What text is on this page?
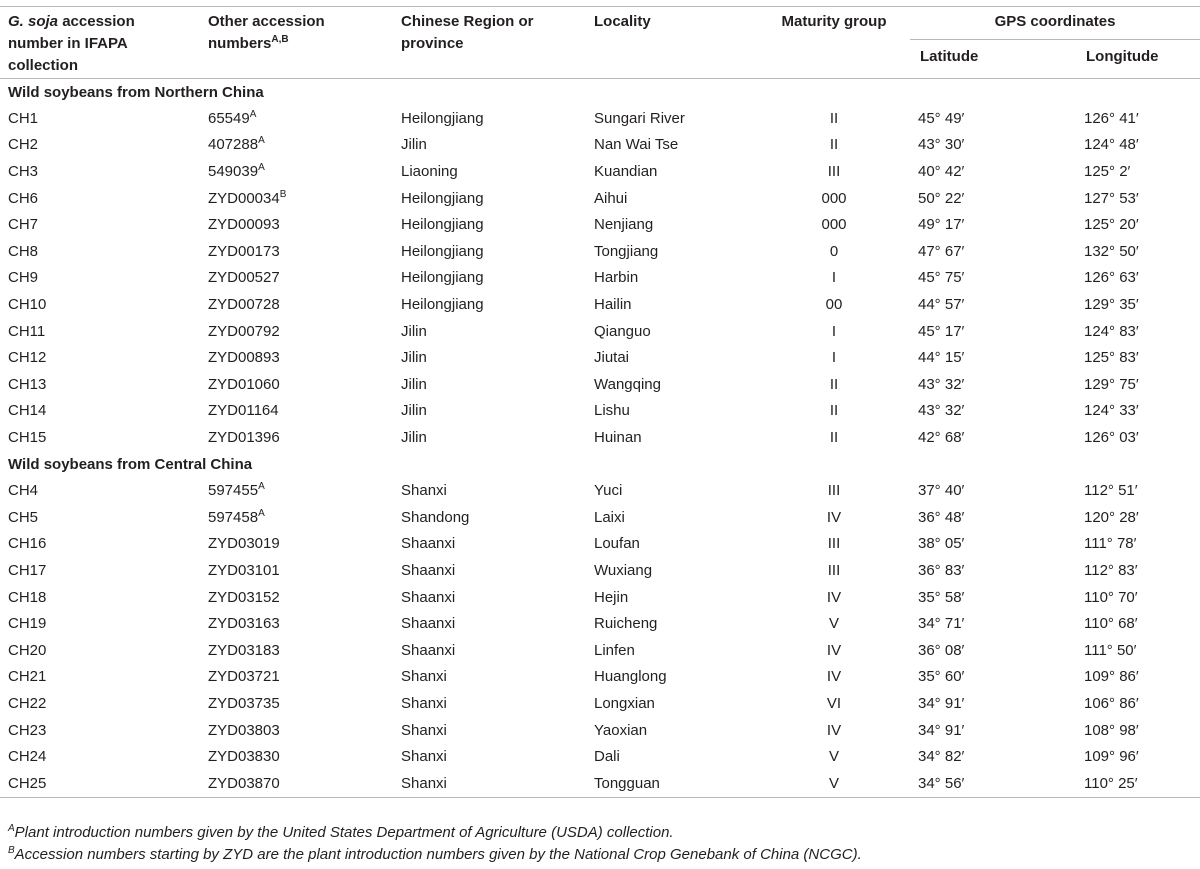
G. soja accession number in IFAPA collection	Other accession numbers$^{A,B}$	Chinese Region or province	Locality	Maturity group	GPS coordinates	
					Latitude	Longitude
Wild soybeans from Northern China						
CH1	$65549^A$	Heilongjiang	Sungari River	II	45° 49′	126° 41′
CH2	$407288^A$	Jilin	Nan Wai Tse	II	43° 30′	124° 48′
CH3	$549039^A$	Liaoning	Kuandian	III	40° 42′	125° 2′
CH6	$ZYD00034^B$	Heilongjiang	Aihui	000	50° 22′	127° 53′
CH7	ZYD00093	Heilongjiang	Nenjiang	000	49° 17′	125° 20′
CH8	ZYD00173	Heilongjiang	Tongjiang	0	47° 67′	132° 50′
CH9	ZYD00527	Heilongjiang	Harbin	I	45° 75′	126° 63′
CH10	ZYD00728	Heilongjiang	Hailin	00	44° 57′	129° 35′
CH11	ZYD00792	Jilin	Qianguo	I	45° 17′	124° 83′
CH12	ZYD00893	Jilin	Jiutai	I	44° 15′	125° 83′
CH13	ZYD01060	Jilin	Wangqing	II	43° 32′	129° 75′
CH14	ZYD01164	Jilin	Lishu	II	43° 32′	124° 33′
CH15	ZYD01396	Jilin	Huinan	II	42° 68′	126° 03′
Wild soybeans from Central China						
CH4	$597455^A$	Shanxi	Yuci	III	37° 40′	112° 51′
CH5	$597458^A$	Shandong	Laixi	IV	36° 48′	120° 28′
CH16	ZYD03019	Shaanxi	Loufan	III	38° 05′	111° 78′
CH17	ZYD03101	Shaanxi	Wuxiang	III	36° 83′	112° 83′
CH18	ZYD03152	Shaanxi	Hejin	IV	35° 58′	110° 70′
CH19	ZYD03163	Shaanxi	Ruicheng	V	34° 71′	110° 68′
CH20	ZYD03183	Shaanxi	Linfen	IV	36° 08′	111° 50′
CH21	ZYD03721	Shanxi	Huanglong	IV	35° 60′	109° 86′
CH22	ZYD03735	Shanxi	Longxian	VI	34° 91′	106° 86′
CH23	ZYD03803	Shanxi	Yaoxian	IV	34° 91′	108° 98′
CH24	ZYD03830	Shanxi	Dali	V	34° 82′	109° 96′
CH25	ZYD03870	Shanxi	Tongguan	V	34° 56′	110° 25′
$^A$Plant introduction numbers given by the United States Department of Agriculture (USDA) collection.
$^B$Accession numbers starting by ZYD are the plant introduction numbers given by the National Crop Genebank of China (NCGC).
